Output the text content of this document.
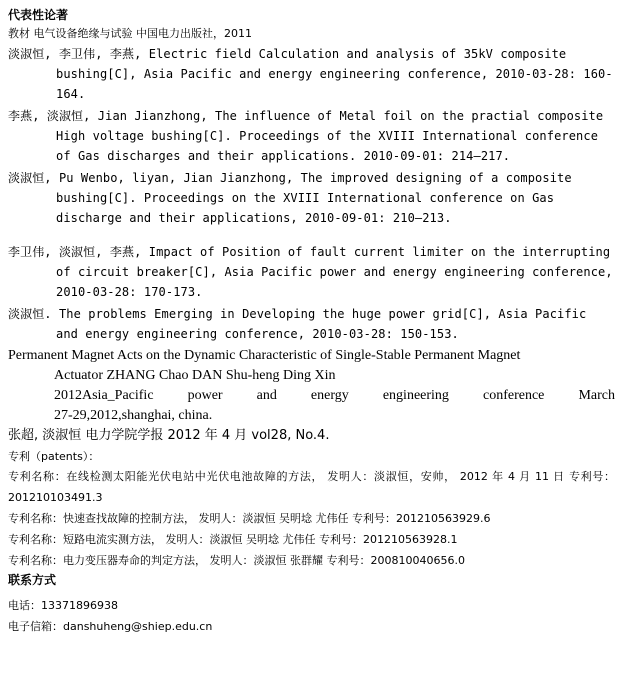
代表性论著
教材 电气设备绝缘与试验 中国电力出版社，2011
淡淑恒, 李卫伟, 李燕, Electric field Calculation and analysis of 35kV composite bushing[C], Asia Pacific and energy engineering conference, 2010-03-28: 160-164.
李燕, 淡淑恒, Jian Jianzhong, The influence of Metal foil on the practial composite High voltage bushing[C]. Proceedings of the XVIII International conference of Gas discharges and their applications. 2010-09-01: 214—217.
淡淑恒, Pu Wenbo, liyan, Jian Jianzhong, The improved designing of a composite bushing[C]. Proceedings on the XVIII International conference on Gas discharge and their applications, 2010-09-01: 210—213.
李卫伟, 淡淑恒, 李燕, Impact of Position of fault current limiter on the interrupting of circuit breaker[C], Asia Pacific power and energy engineering conference, 2010-03-28: 170-173.
淡淑恒. The problems Emerging in Developing the huge power grid[C], Asia Pacific and energy engineering conference, 2010-03-28: 150-153.
Permanent Magnet Acts on the Dynamic Characteristic of Single-Stable Permanent Magnet
Actuator ZHANG Chao DAN Shu-heng Ding Xin
2012Asia_Pacific power and energy engineering conference March
27-29,2012,shanghai, china.
张超, 淡淑恒 电力学院学报 2012 年 4 月 vol28, No.4.
专利（patents）：
专利名称：在线检测太阳能光伏电站中光伏电池故障的方法， 发明人：淡淑恒，安帅， 2012 年 4 月 11 日 专利号：201210103491.3
专利名称：快速查找故障的控制方法， 发明人：淡淑恒 吴明埝 尤伟任 专利号：201210563929.6
专利名称：短路电流实测方法， 发明人：淡淑恒 吴明埝 尤伟任 专利号：201210563928.1
专利名称：电力变压器寿命的判定方法， 发明人：淡淑恒 张群耀 专利号：200810040656.0
联系方式
电话：13371896938
电子信箱：danshuheng@shiep.edu.cn
